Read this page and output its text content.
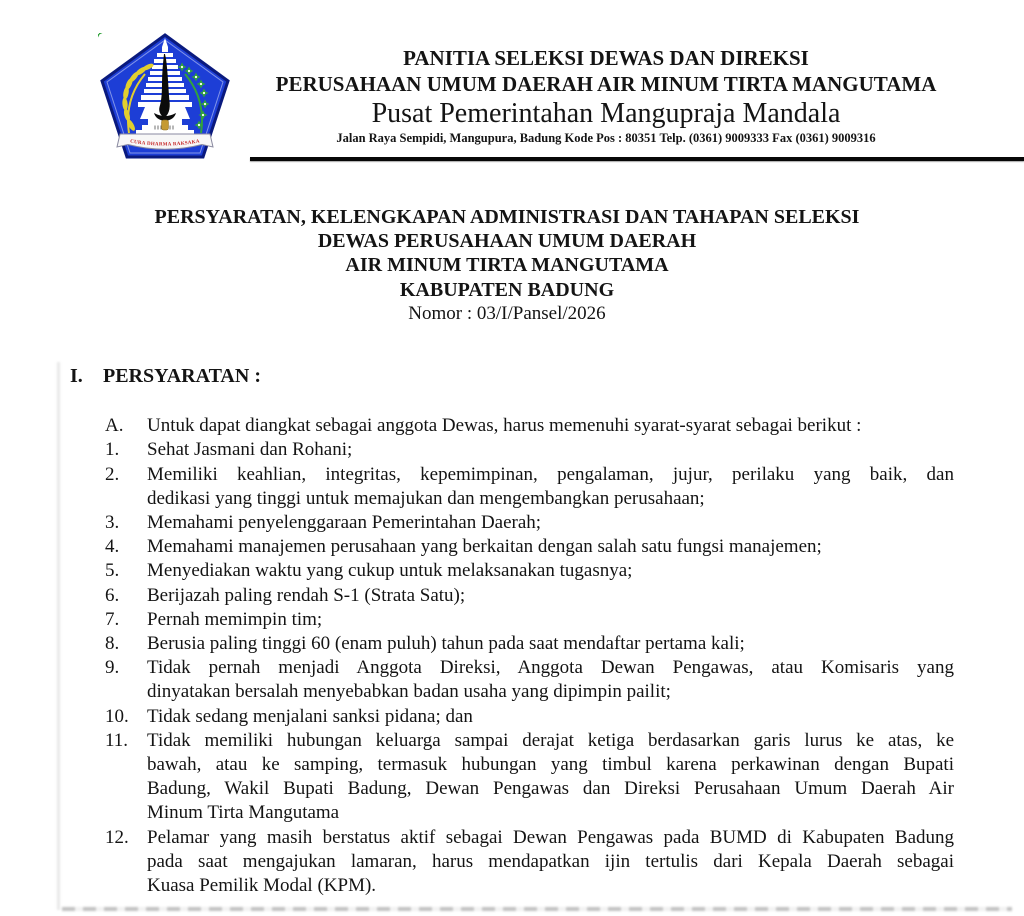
CURA DHARMA RAKSAKA
PANITIA SELEKSI DEWAS DAN DIREKSI
PERUSAHAAN UMUM DAERAH AIR MINUM TIRTA MANGUTAMA
Pusat Pemerintahan Mangupraja Mandala
Jalan Raya Sempidi, Mangupura, Badung Kode Pos : 80351 Telp. (0361) 9009333 Fax (0361) 9009316
PERSYARATAN, KELENGKAPAN ADMINISTRASI DAN TAHAPAN SELEKSI
DEWAS PERUSAHAAN UMUM DAERAH
AIR MINUM TIRTA MANGUTAMA
KABUPATEN BADUNG
Nomor : 03/I/Pansel/2026
I.	PERSYARATAN :
A.	Untuk dapat diangkat sebagai anggota Dewas, harus memenuhi syarat-syarat sebagai berikut :
1.	Sehat Jasmani dan Rohani;
2.	Memiliki keahlian, integritas, kepemimpinan, pengalaman, jujur, perilaku yang baik, dan
dedikasi yang tinggi untuk memajukan dan mengembangkan perusahaan;
3.	Memahami penyelenggaraan Pemerintahan Daerah;
4.	Memahami manajemen perusahaan yang berkaitan dengan salah satu fungsi manajemen;
5.	Menyediakan waktu yang cukup untuk melaksanakan tugasnya;
6.	Berijazah paling rendah S-1 (Strata Satu);
7.	Pernah memimpin tim;
8.	Berusia paling tinggi 60 (enam puluh) tahun pada saat mendaftar pertama kali;
9.	Tidak pernah menjadi Anggota Direksi, Anggota Dewan Pengawas, atau Komisaris yang
dinyatakan bersalah menyebabkan badan usaha yang dipimpin pailit;
10. Tidak sedang menjalani sanksi pidana; dan
11. Tidak memiliki hubungan keluarga sampai derajat ketiga berdasarkan garis lurus ke atas, ke
bawah, atau ke samping, termasuk hubungan yang timbul karena perkawinan dengan Bupati
Badung, Wakil Bupati Badung, Dewan Pengawas dan Direksi Perusahaan Umum Daerah Air
Minum Tirta Mangutama
12. Pelamar yang masih berstatus aktif sebagai Dewan Pengawas pada BUMD di Kabupaten Badung
pada saat mengajukan lamaran, harus mendapatkan ijin tertulis dari Kepala Daerah sebagai
Kuasa Pemilik Modal (KPM).
